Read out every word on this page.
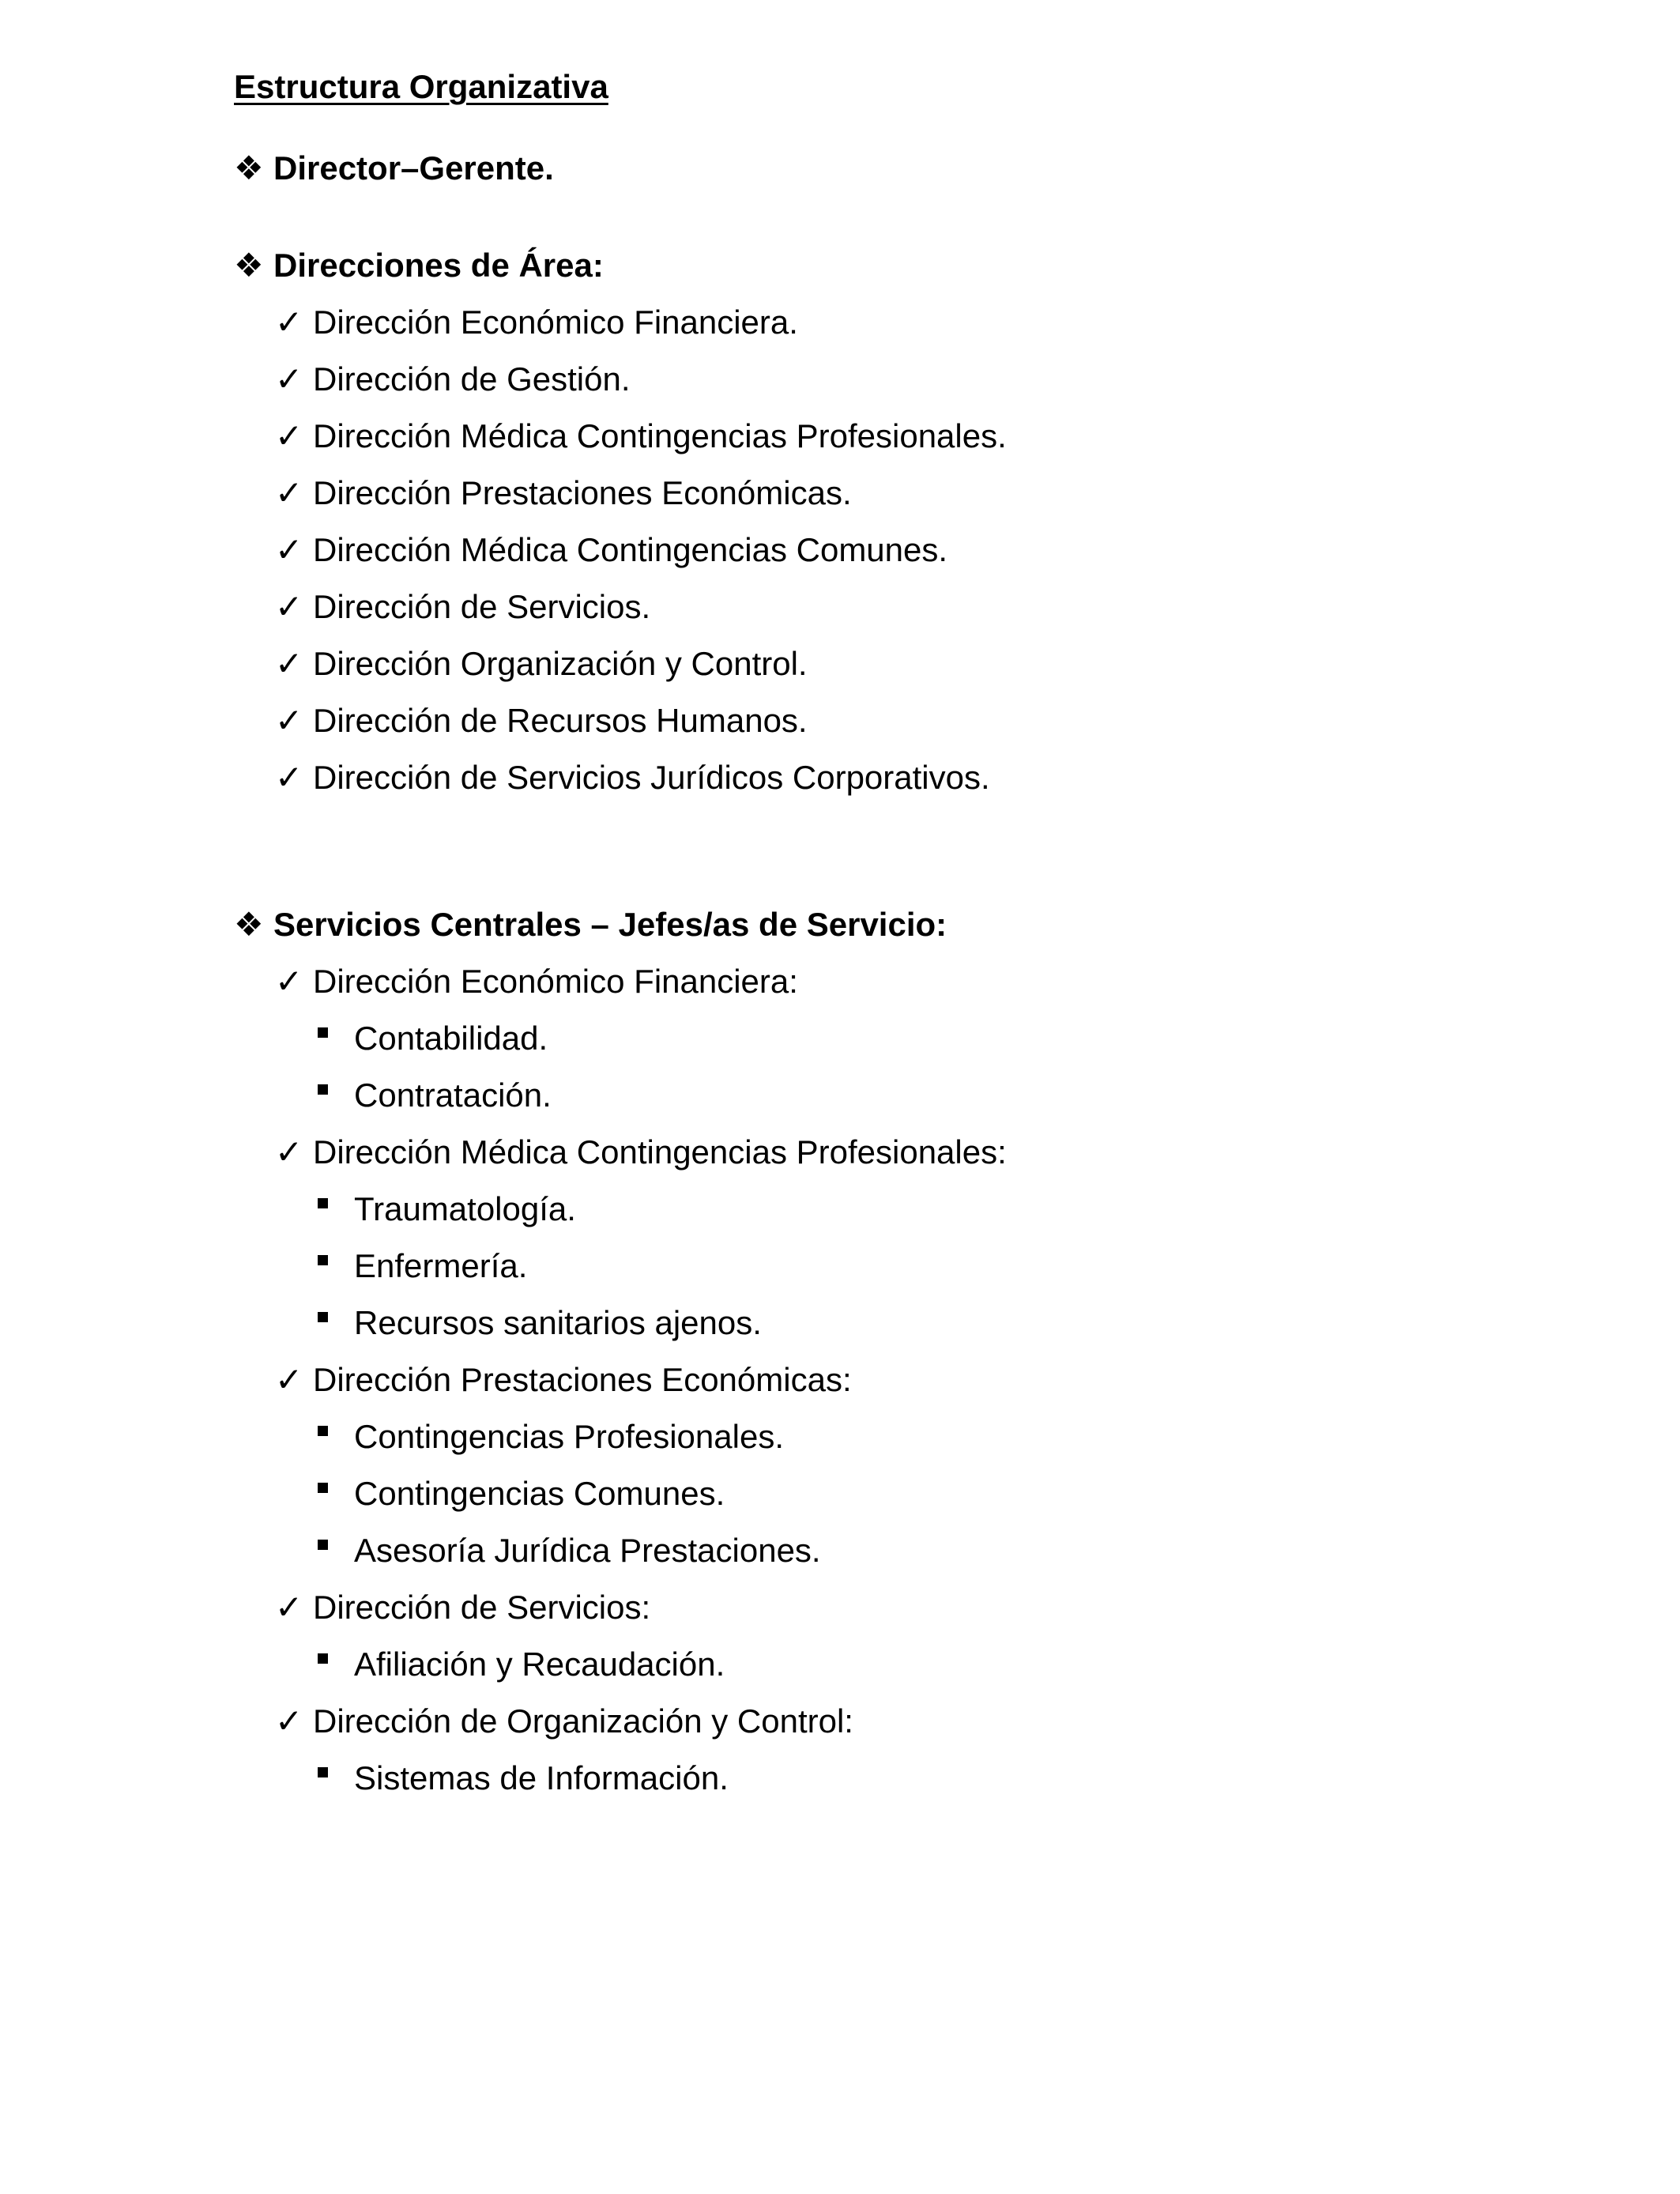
Estructura Organizativa
❖ Director–Gerente.
❖ Direcciones de Área:
✓ Dirección Económico Financiera.
✓ Dirección de Gestión.
✓ Dirección Médica Contingencias Profesionales.
✓ Dirección Prestaciones Económicas.
✓ Dirección Médica Contingencias Comunes.
✓ Dirección de Servicios.
✓ Dirección Organización y Control.
✓ Dirección de Recursos Humanos.
✓ Dirección de Servicios Jurídicos Corporativos.
❖ Servicios Centrales – Jefes/as de Servicio:
✓ Dirección Económico Financiera:
Contabilidad.
Contratación.
✓ Dirección Médica Contingencias Profesionales:
Traumatología.
Enfermería.
Recursos sanitarios ajenos.
✓ Dirección Prestaciones Económicas:
Contingencias Profesionales.
Contingencias Comunes.
Asesoría Jurídica Prestaciones.
✓ Dirección de Servicios:
Afiliación y Recaudación.
✓ Dirección de Organización y Control:
Sistemas de Información.
